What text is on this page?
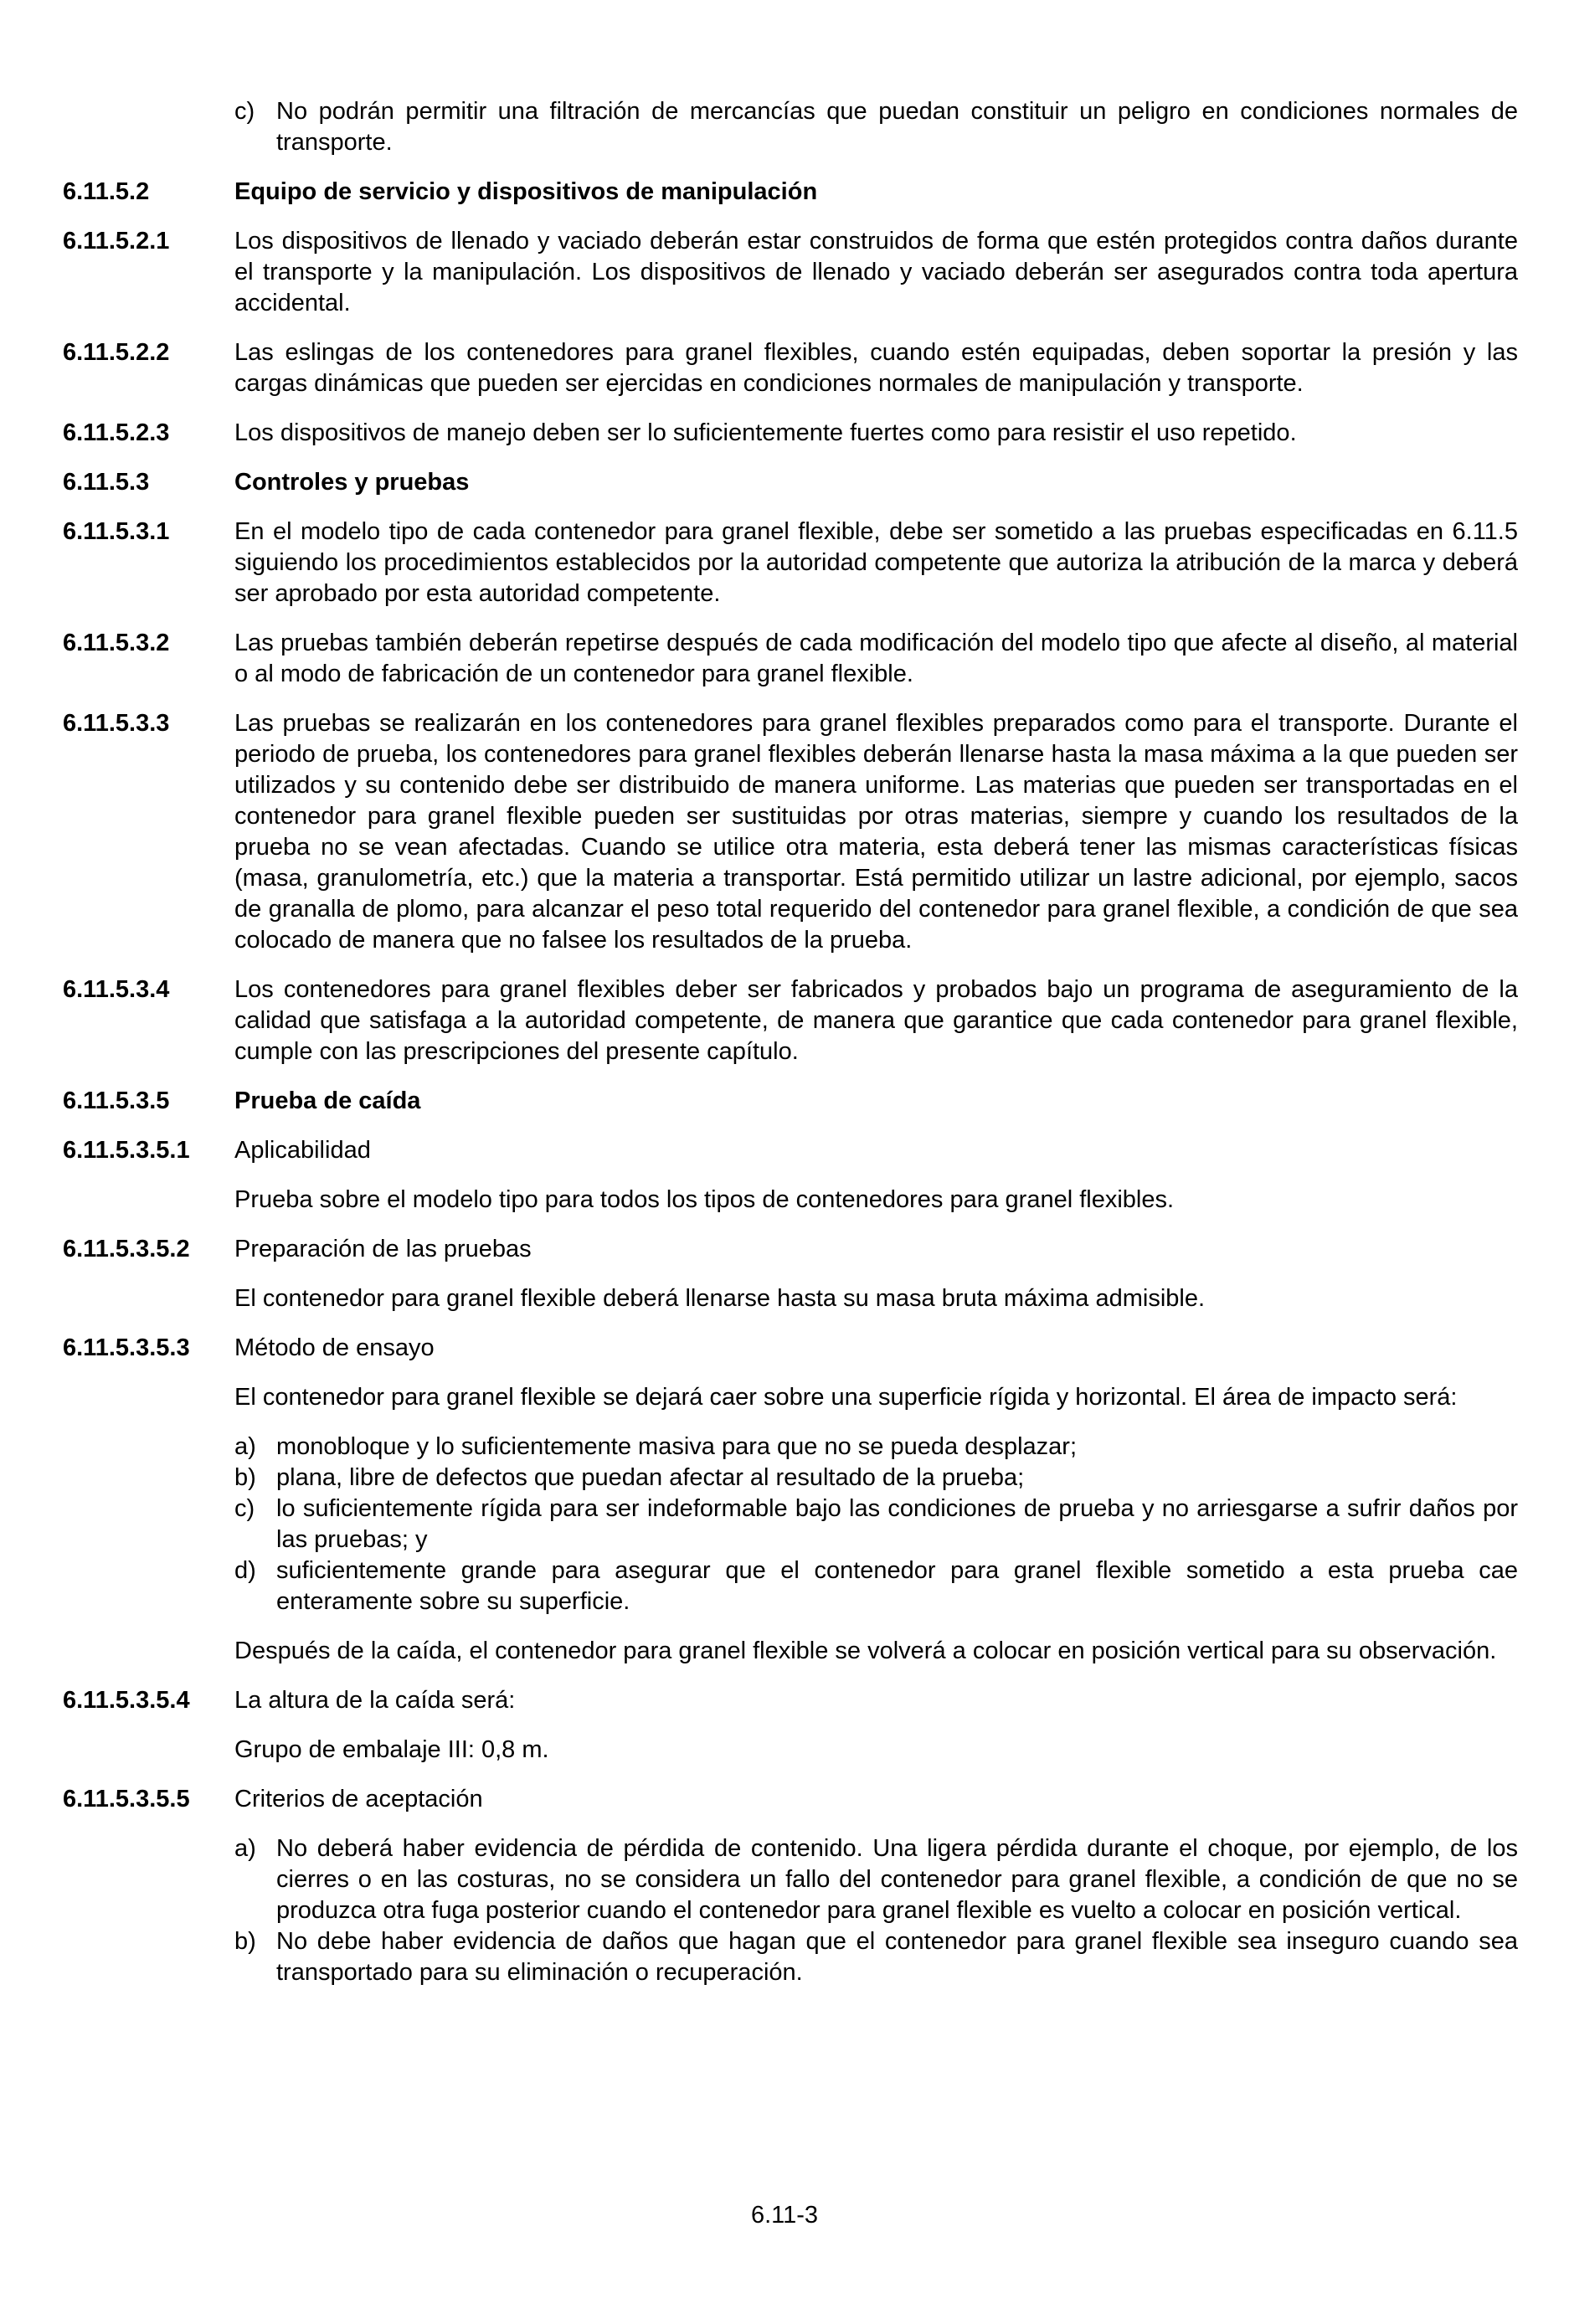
c) No podrán permitir una filtración de mercancías que puedan constituir un peligro en condiciones normales de transporte.
6.11.5.2	Equipo de servicio y dispositivos de manipulación
6.11.5.2.1	Los dispositivos de llenado y vaciado deberán estar construidos de forma que estén protegidos contra daños durante el transporte y la manipulación. Los dispositivos de llenado y vaciado deberán ser asegurados contra toda apertura accidental.
6.11.5.2.2	Las eslingas de los contenedores para granel flexibles, cuando estén equipadas, deben soportar la presión y las cargas dinámicas que pueden ser ejercidas en condiciones normales de manipulación y transporte.
6.11.5.2.3	Los dispositivos de manejo deben ser lo suficientemente fuertes como para resistir el uso repetido.
6.11.5.3	Controles y pruebas
6.11.5.3.1	En el modelo tipo de cada contenedor para granel flexible, debe ser sometido a las pruebas especificadas en 6.11.5 siguiendo los procedimientos establecidos por la autoridad competente que autoriza la atribución de la marca y deberá ser aprobado por esta autoridad competente.
6.11.5.3.2	Las pruebas también deberán repetirse después de cada modificación del modelo tipo que afecte al diseño, al material o al modo de fabricación de un contenedor para granel flexible.
6.11.5.3.3	Las pruebas se realizarán en los contenedores para granel flexibles preparados como para el transporte. Durante el periodo de prueba, los contenedores para granel flexibles deberán llenarse hasta la masa máxima a la que pueden ser utilizados y su contenido debe ser distribuido de manera uniforme. Las materias que pueden ser transportadas en el contenedor para granel flexible pueden ser sustituidas por otras materias, siempre y cuando los resultados de la prueba no se vean afectadas. Cuando se utilice otra materia, esta deberá tener las mismas características físicas (masa, granulometría, etc.) que la materia a transportar. Está permitido utilizar un lastre adicional, por ejemplo, sacos de granalla de plomo, para alcanzar el peso total requerido del contenedor para granel flexible, a condición de que sea colocado de manera que no falsee los resultados de la prueba.
6.11.5.3.4	Los contenedores para granel flexibles deber ser fabricados y probados bajo un programa de aseguramiento de la calidad que satisfaga a la autoridad competente, de manera que garantice que cada contenedor para granel flexible, cumple con las prescripciones del presente capítulo.
6.11.5.3.5	Prueba de caída
6.11.5.3.5.1	Aplicabilidad
Prueba sobre el modelo tipo para todos los tipos de contenedores para granel flexibles.
6.11.5.3.5.2	Preparación de las pruebas
El contenedor para granel flexible deberá llenarse hasta su masa bruta máxima admisible.
6.11.5.3.5.3	Método de ensayo
El contenedor para granel flexible se dejará caer sobre una superficie rígida y horizontal. El área de impacto será:
a) monobloque y lo suficientemente masiva para que no se pueda desplazar;
b) plana, libre de defectos que puedan afectar al resultado de la prueba;
c) lo suficientemente rígida para ser indeformable bajo las condiciones de prueba y no arriesgarse a sufrir daños por las pruebas; y
d) suficientemente grande para asegurar que el contenedor para granel flexible sometido a esta prueba cae enteramente sobre su superficie.
Después de la caída, el contenedor para granel flexible se volverá a colocar en posición vertical para su observación.
6.11.5.3.5.4	La altura de la caída será:
Grupo de embalaje III: 0,8 m.
6.11.5.3.5.5	Criterios de aceptación
a) No deberá haber evidencia de pérdida de contenido. Una ligera pérdida durante el choque, por ejemplo, de los cierres o en las costuras, no se considera un fallo del contenedor para granel flexible, a condición de que no se produzca otra fuga posterior cuando el contenedor para granel flexible es vuelto a colocar en posición vertical.
b) No debe haber evidencia de daños que hagan que el contenedor para granel flexible sea inseguro cuando sea transportado para su eliminación o recuperación.
6.11-3
